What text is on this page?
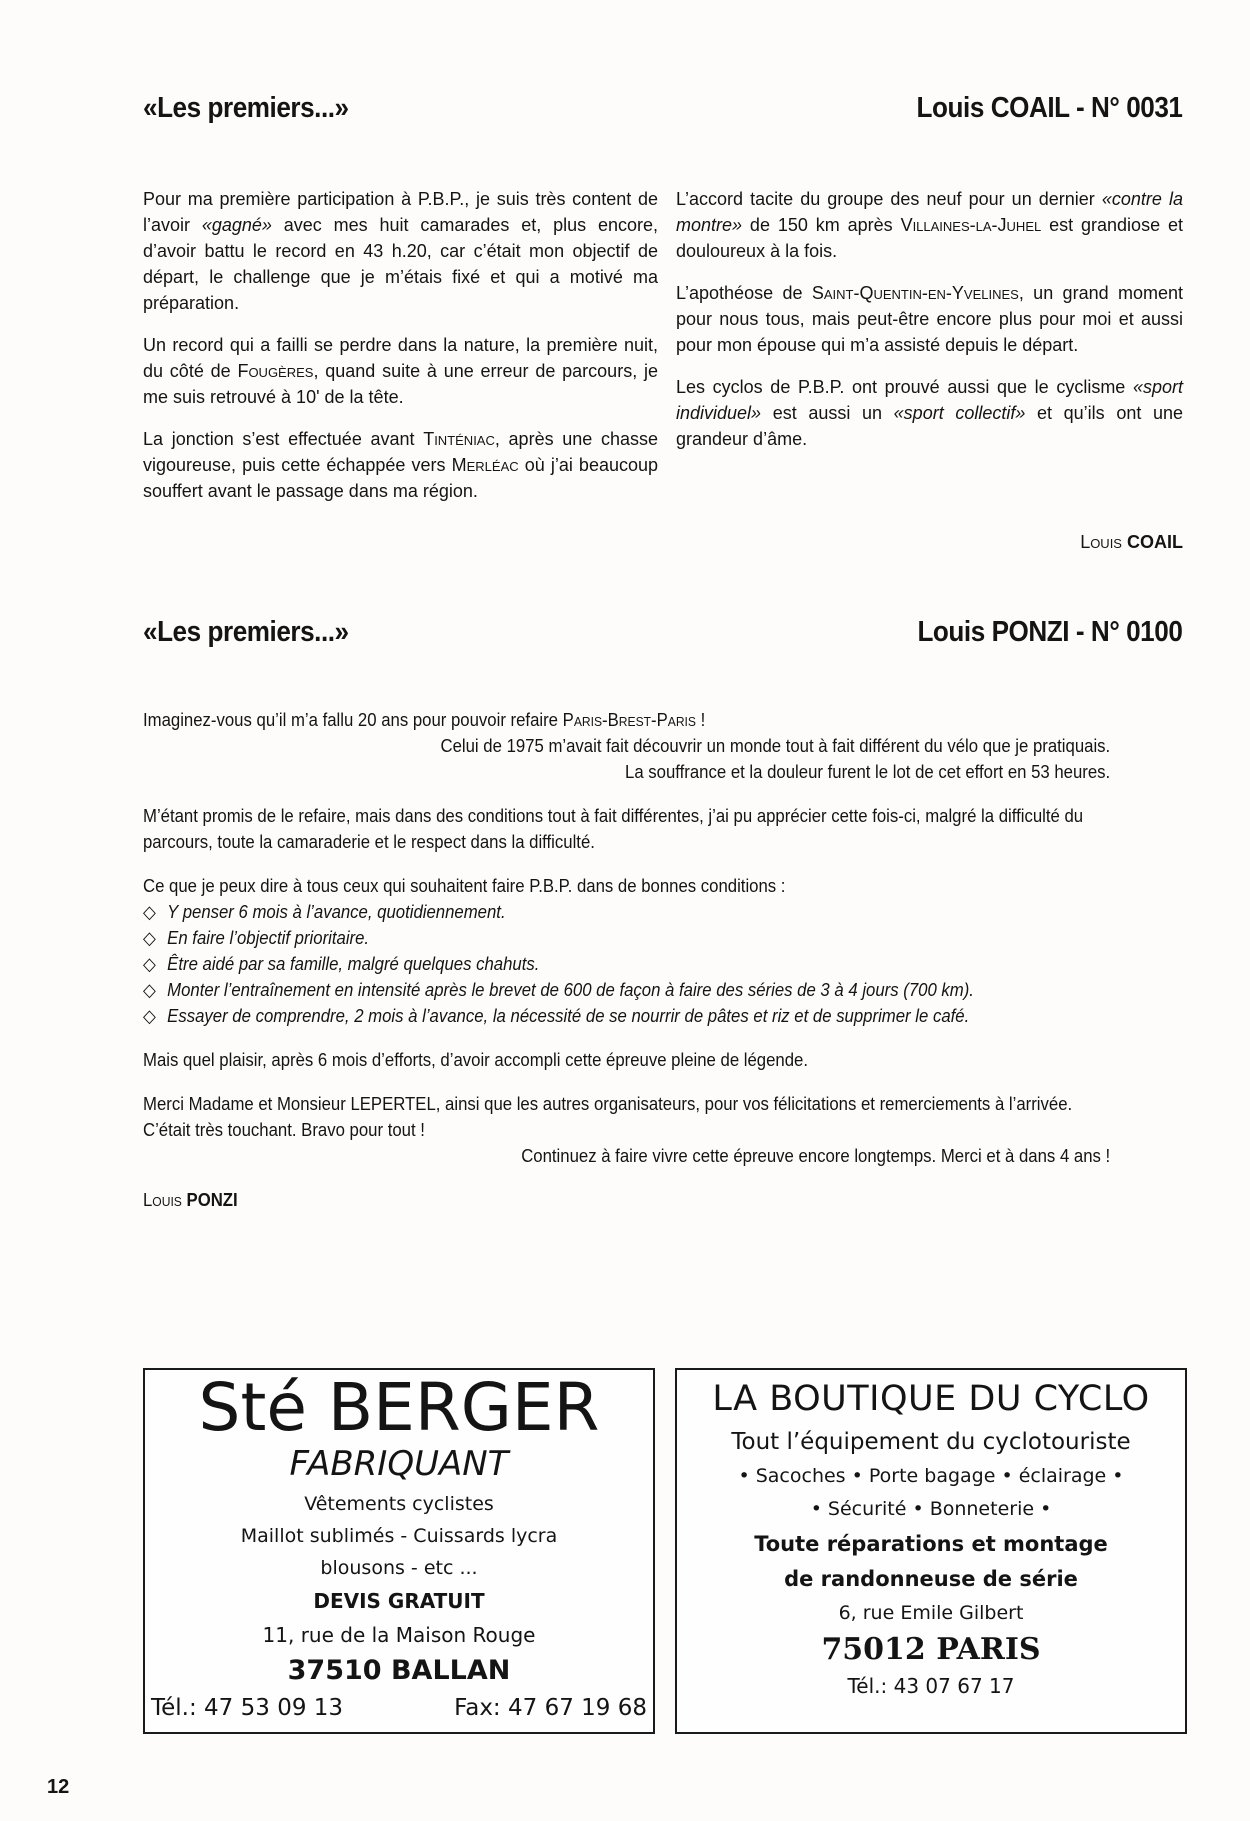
«Les premiers...»	Louis COAIL - N° 0031

Pour ma première participation à P.B.P., je suis très content de l’avoir «gagné» avec mes huit camarades et, plus encore, d’avoir battu le record en 43 h.20, car c’était mon objectif de départ, le challenge que je m’étais fixé et qui a motivé ma préparation.

Un record qui a failli se perdre dans la nature, la première nuit, du côté de Fougères, quand suite à une erreur de parcours, je me suis retrouvé à 10' de la tête.

La jonction s’est effectuée avant Tinténiac, après une chasse vigoureuse, puis cette échappée vers Merléac où j’ai beaucoup souffert avant le passage dans ma région.

L’accord tacite du groupe des neuf pour un dernier «contre la montre» de 150 km après Villaines-la-Juhel est grandiose et douloureux à la fois.

L’apothéose de Saint-Quentin-en-Yvelines, un grand moment pour nous tous, mais peut-être encore plus pour moi et aussi pour mon épouse qui m’a assisté depuis le départ.

Les cyclos de P.B.P. ont prouvé aussi que le cyclisme «sport individuel» est aussi un «sport collectif» et qu’ils ont une grandeur d’âme.

Louis COAIL
«Les premiers...»	Louis PONZI - N° 0100

Imaginez-vous qu’il m’a fallu 20 ans pour pouvoir refaire Paris-Brest-Paris !

Celui de 1975 m’avait fait découvrir un monde tout à fait différent du vélo que je pratiquais.

La souffrance et la douleur furent le lot de cet effort en 53 heures.

M’étant promis de le refaire, mais dans des conditions tout à fait différentes, j’ai pu apprécier cette fois-ci, malgré la difficulté du parcours, toute la camaraderie et le respect dans la difficulté.

Ce que je peux dire à tous ceux qui souhaitent faire P.B.P. dans de bonnes conditions :

◇ Y penser 6 mois à l’avance, quotidiennement.

◇ En faire l’objectif prioritaire.

◇ Être aidé par sa famille, malgré quelques chahuts.

◇ Monter l’entraînement en intensité après le brevet de 600 de façon à faire des séries de 3 à 4 jours (700 km).

◇ Essayer de comprendre, 2 mois à l’avance, la nécessité de se nourrir de pâtes et riz et de supprimer le café.

Mais quel plaisir, après 6 mois d’efforts, d’avoir accompli cette épreuve pleine de légende.

Merci Madame et Monsieur LEPERTEL, ainsi que les autres organisateurs, pour vos félicitations et remerciements à l’arrivée. C’était très touchant. Bravo pour tout !

Continuez à faire vivre cette épreuve encore longtemps. Merci et à dans 4 ans !

Louis PONZI

Sté BERGER
FABRIQUANT
Vêtements cyclistes
Maillot sublimés - Cuissards lycra
blousons - etc ...
DEVIS GRATUIT
11, rue de la Maison Rouge
37510 BALLAN
Tél.: 47 53 09 13	Fax: 47 67 19 68
LA BOUTIQUE DU CYCLO
Tout l’équipement du cyclotouriste
• Sacoches • Porte bagage • éclairage •
• Sécurité • Bonneterie •
Toute réparations et montage
de randonneuse de série
6, rue Emile Gilbert
75012 PARIS
Tél.: 43 07 67 17
12
